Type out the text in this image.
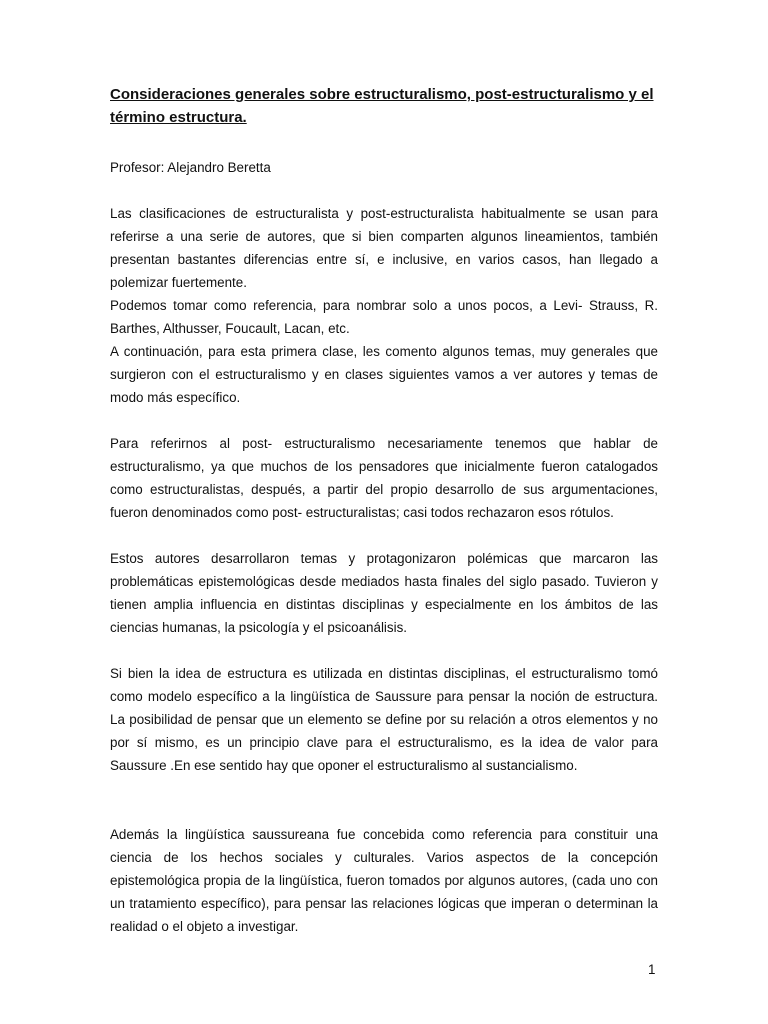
Consideraciones generales sobre estructuralismo, post-estructuralismo y el término estructura.

Profesor: Alejandro Beretta

Las clasificaciones de estructuralista y post-estructuralista habitualmente se usan para referirse a una serie de autores, que si bien comparten algunos lineamientos, también presentan bastantes diferencias entre sí, e inclusive, en varios casos, han llegado a polemizar fuertemente.

Podemos tomar como referencia, para nombrar solo a unos pocos, a Levi- Strauss, R. Barthes, Althusser, Foucault, Lacan, etc.

A continuación, para esta primera clase, les comento algunos temas, muy generales que surgieron con el estructuralismo y en clases siguientes vamos a ver autores y temas de modo más específico.

Para referirnos al post- estructuralismo necesariamente tenemos que hablar de estructuralismo, ya que muchos de los pensadores que inicialmente fueron catalogados como estructuralistas, después, a partir del propio desarrollo de sus argumentaciones, fueron denominados como post- estructuralistas; casi todos rechazaron esos rótulos.

Estos autores desarrollaron temas y protagonizaron polémicas que marcaron las problemáticas epistemológicas desde mediados hasta finales del siglo pasado. Tuvieron y tienen amplia influencia en distintas disciplinas y especialmente en los ámbitos de las ciencias humanas, la psicología y el psicoanálisis.

Si bien la idea de estructura es utilizada en distintas disciplinas, el estructuralismo tomó como modelo específico a la lingüística de Saussure para pensar la noción de estructura. La posibilidad de pensar que un elemento se define por su relación a otros elementos y no por sí mismo, es un principio clave para el estructuralismo, es la idea de valor para Saussure .En ese sentido hay que oponer el estructuralismo al sustancialismo.

Además la lingüística saussureana fue concebida como referencia para constituir una ciencia de los hechos sociales y culturales. Varios aspectos de la concepción epistemológica propia de la lingüística, fueron tomados por algunos autores, (cada uno con un tratamiento específico), para pensar las relaciones lógicas que imperan o determinan la realidad o el objeto a investigar.

1
